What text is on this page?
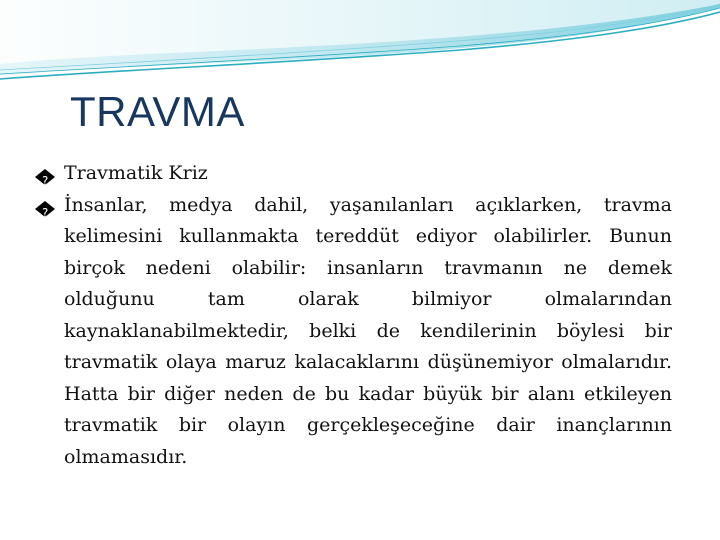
TRAVMA
? Travmatik Kriz
? İnsanlar, medya dahil, yaşanılanları açıklarken, travma kelimesini kullanmakta tereddüt ediyor olabilirler. Bunun birçok nedeni olabilir: insanların travmanın ne demek olduğunu tam olarak bilmiyor olmalarından kaynaklanabilmektedir, belki de kendilerinin böylesi bir travmatik olaya maruz kalacaklarını düşünemiyor olmalarıdır. Hatta bir diğer neden de bu kadar büyük bir alanı etkileyen travmatik bir olayın gerçekleşeceğine dair inançlarının olmamasıdır.
